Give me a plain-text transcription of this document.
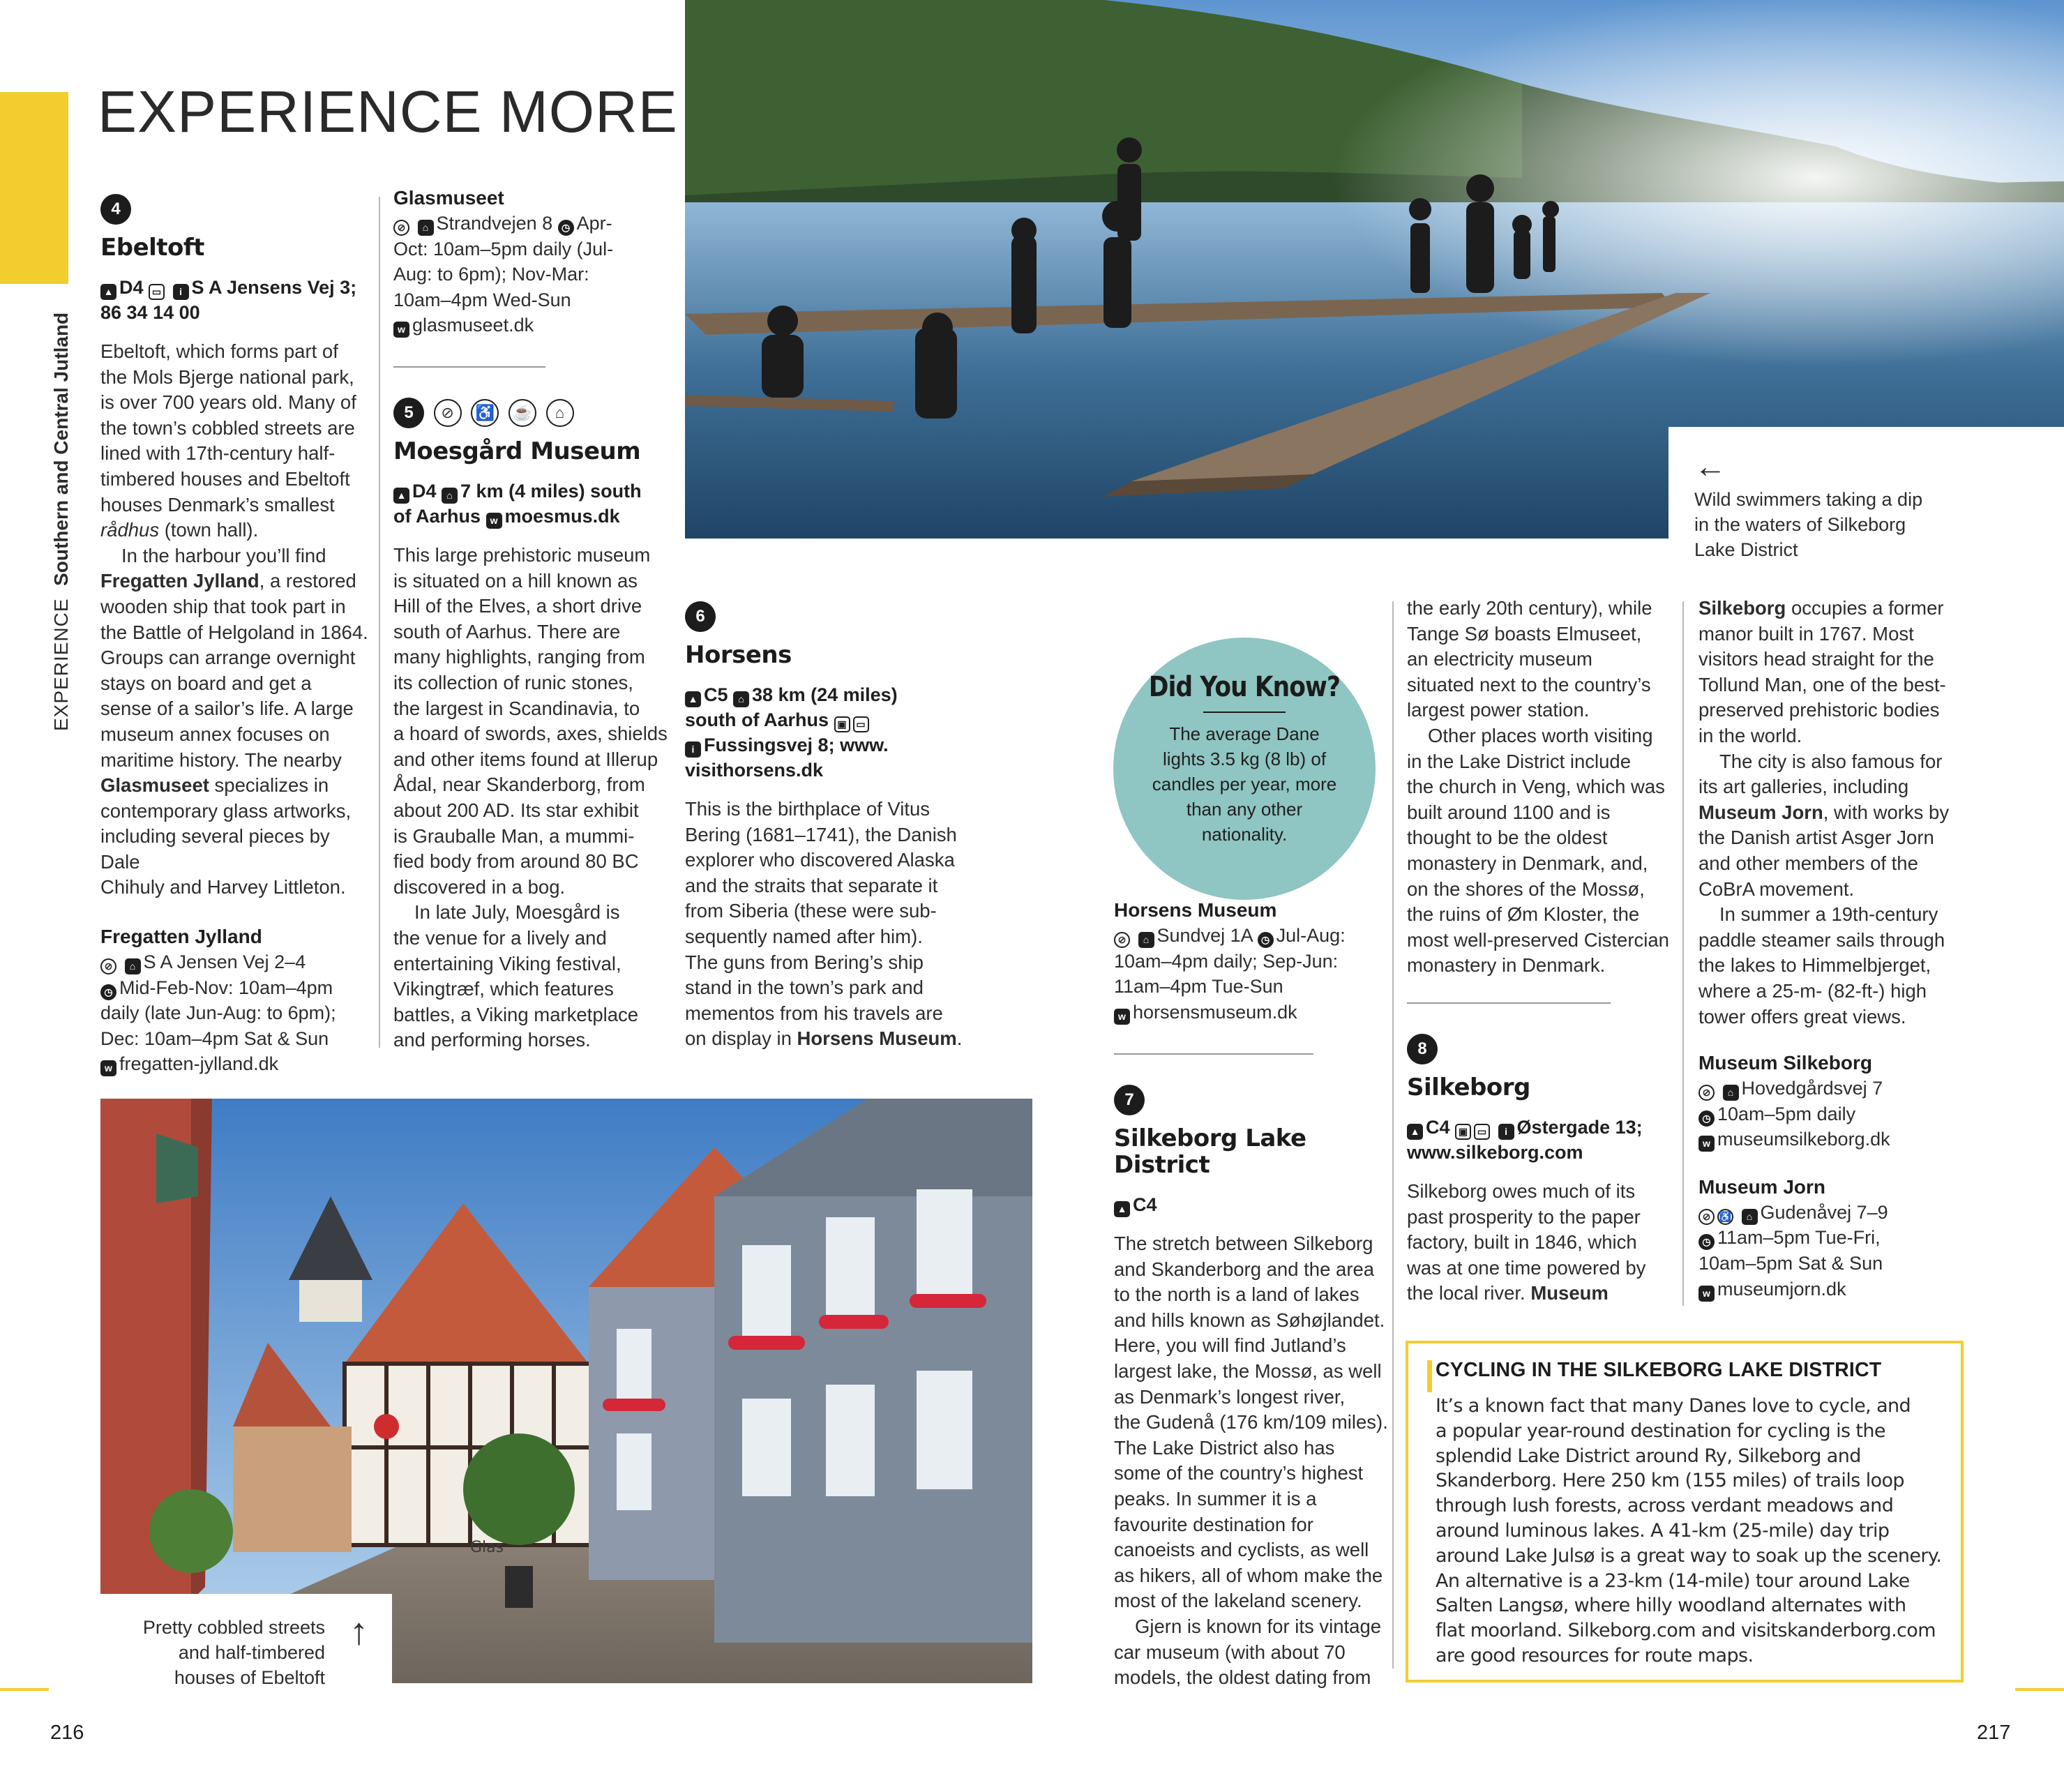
EXPERIENCE  Southern and Central Jutland
EXPERIENCE MORE
4
Ebeltoft
▲ D4 ▭ i S A Jensens Vej 3;
86 34 14 00

Ebeltoft, which forms part of

the Mols Bjerge national park,

is over 700 years old. Many of

the town’s cobbled streets are

lined with 17th-century half-

timbered houses and Ebeltoft

houses Denmark’s smallest

rådhus (town hall).

In the harbour you’ll find

Fregatten Jylland, a restored

wooden ship that took part in

the Battle of Helgoland in 1864.

Groups can arrange overnight

stays on board and get a

sense of a sailor’s life. A large

museum annex focuses on

maritime history. The nearby

Glasmuseet specializes in

contemporary glass artworks,

including several pieces by Dale

Chihuly and Harvey Littleton.

Fregatten Jylland
⊘ ⌂ S A Jensen Vej 2–4
◷ Mid-Feb-Nov: 10am–4pm
daily (late Jun-Aug: to 6pm);
Dec: 10am–4pm Sat & Sun
w fregatten-jylland.dk
Glasmuseet
⊘ ⌂ Strandvejen 8 ◷ Apr-
Oct: 10am–5pm daily (Jul-
Aug: to 6pm); Nov-Mar:
10am–4pm Wed-Sun
w glasmuseet.dk
5 ⊘ ♿ ☕ ⌂
Moesgård Museum
▲ D4 ⌂ 7 km (4 miles) south
of Aarhus w moesmus.dk

This large prehistoric museum

is situated on a hill known as

Hill of the Elves, a short drive

south of Aarhus. There are

many highlights, ranging from

its collection of runic stones,

the largest in Scandinavia, to

a hoard of swords, axes, shields

and other items found at Illerup

Ådal, near Skanderborg, from

about 200 AD. Its star exhibit

is Grauballe Man, a mummi-

fied body from around 80 BC

discovered in a bog.

In late July, Moesgård is

the venue for a lively and

entertaining Viking festival,

Vikingtræf, which features

battles, a Viking marketplace

and performing horses.

←
Wild swimmers taking a dip
in the waters of Silkeborg
Lake District
6
Horsens
▲ C5 ⌂ 38 km (24 miles)
south of Aarhus ▣ ▭
i Fussingsvej 8; www.
visithorsens.dk

This is the birthplace of Vitus

Bering (1681–1741), the Danish

explorer who discovered Alaska

and the straits that separate it

from Siberia (these were sub-

sequently named after him).

The guns from Bering’s ship

stand in the town’s park and

mementos from his travels are

on display in Horsens Museum.

Did You Know?
The average Dane
lights 3.5 kg (8 lb) of
candles per year, more
than any other
nationality.
Horsens Museum
⊘ ⌂ Sundvej 1A ◷ Jul-Aug:
10am–4pm daily; Sep-Jun:
11am–4pm Tue-Sun
w horsensmuseum.dk
7
Silkeborg Lake
District
▲ C4

The stretch between Silkeborg

and Skanderborg and the area

to the north is a land of lakes

and hills known as Søhøjlandet.

Here, you will find Jutland’s

largest lake, the Mossø, as well

as Denmark’s longest river,

the Gudenå (176 km/109 miles).

The Lake District also has

some of the country’s highest

peaks. In summer it is a

favourite destination for

canoeists and cyclists, as well

as hikers, all of whom make the

most of the lakeland scenery.

Gjern is known for its vintage

car museum (with about 70

models, the oldest dating from

the early 20th century), while

Tange Sø boasts Elmuseet,

an electricity museum

situated next to the country’s

largest power station.

Other places worth visiting

in the Lake District include

the church in Veng, which was

built around 1100 and is

thought to be the oldest

monastery in Denmark, and,

on the shores of the Mossø,

the ruins of Øm Kloster, the

most well-preserved Cistercian

monastery in Denmark.

8
Silkeborg
▲ C4 ▣ ▭ i Østergade 13;
www.silkeborg.com

Silkeborg owes much of its

past prosperity to the paper

factory, built in 1846, which

was at one time powered by

the local river. Museum

Silkeborg occupies a former

manor built in 1767. Most

visitors head straight for the

Tollund Man, one of the best-

preserved prehistoric bodies

in the world.

The city is also famous for

its art galleries, including

Museum Jorn, with works by

the Danish artist Asger Jorn

and other members of the

CoBrA movement.

In summer a 19th-century

paddle steamer sails through

the lakes to Himmelbjerget,

where a 25-m- (82-ft-) high

tower offers great views.

Museum Silkeborg
⊘ ⌂ Hovedgårdsvej 7
◷ 10am–5pm daily
w museumsilkeborg.dk
Museum Jorn
⊘ ♿ ⌂ Gudenåvej 7–9
◷ 11am–5pm Tue-Fri,
10am–5pm Sat & Sun
w museumjorn.dk
CYCLING IN THE SILKEBORG LAKE DISTRICT
It’s a known fact that many Danes love to cycle, and
a popular year-round destination for cycling is the
splendid Lake District around Ry, Silkeborg and
Skanderborg. Here 250 km (155 miles) of trails loop
through lush forests, across verdant meadows and
around luminous lakes. A 41-km (25-mile) day trip
around Lake Julsø is a great way to soak up the scenery.
An alternative is a 23-km (14-mile) tour around Lake
Salten Langsø, where hilly woodland alternates with
flat moorland. Silkeborg.com and visitskanderborg.com
are good resources for route maps.
Glas
Pretty cobbled streets
and half-timbered
houses of Ebeltoft
↑
216	217
